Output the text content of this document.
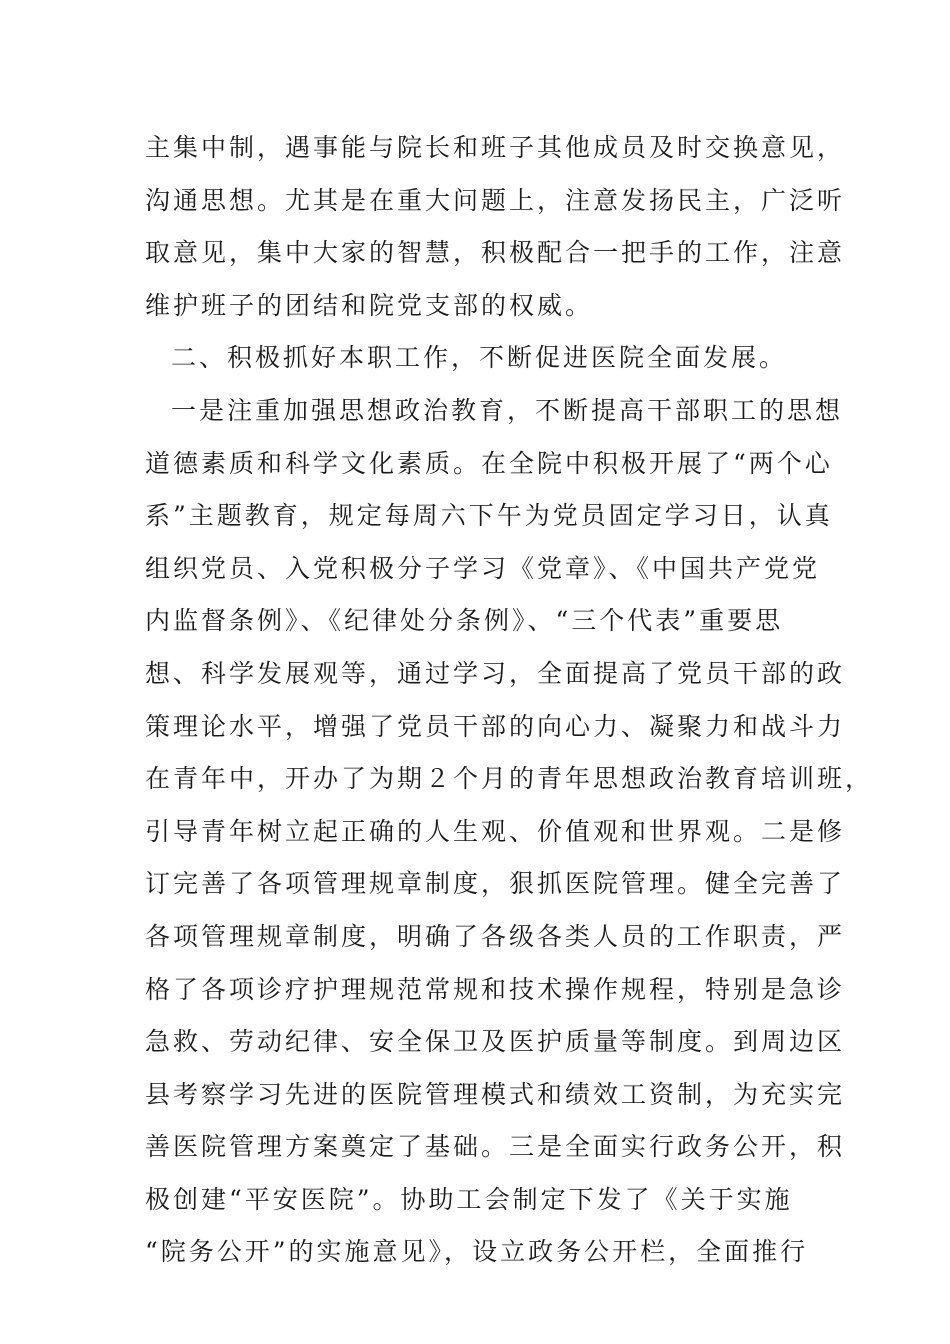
主集中制，遇事能与院长和班子其他成员及时交换意见，
沟通思想。尤其是在重大问题上，注意发扬民主，广泛听
取意见，集中大家的智慧，积极配合一把手的工作，注意
维护班子的团结和院党支部的权威。
二、积极抓好本职工作，不断促进医院全面发展。
一是注重加强思想政治教育，不断提高干部职工的思想
道德素质和科学文化素质。在全院中积极开展了“两个心
系”主题教育，规定每周六下午为党员固定学习日，认真
组织党员、入党积极分子学习《党章》、《中国共产党党
内监督条例》、《纪律处分条例》、“三个代表”重要思
想、科学发展观等，通过学习，全面提高了党员干部的政
策理论水平，增强了党员干部的向心力、凝聚力和战斗力
在青年中，开办了为期２个月的青年思想政治教育培训班，
引导青年树立起正确的人生观、价值观和世界观。二是修
订完善了各项管理规章制度，狠抓医院管理。健全完善了
各项管理规章制度，明确了各级各类人员的工作职责，严
格了各项诊疗护理规范常规和技术操作规程，特别是急诊
急救、劳动纪律、安全保卫及医护质量等制度。到周边区
县考察学习先进的医院管理模式和绩效工资制，为充实完
善医院管理方案奠定了基础。三是全面实行政务公开，积
极创建“平安医院”。协助工会制定下发了《关于实施
“院务公开”的实施意见》，设立政务公开栏，全面推行
